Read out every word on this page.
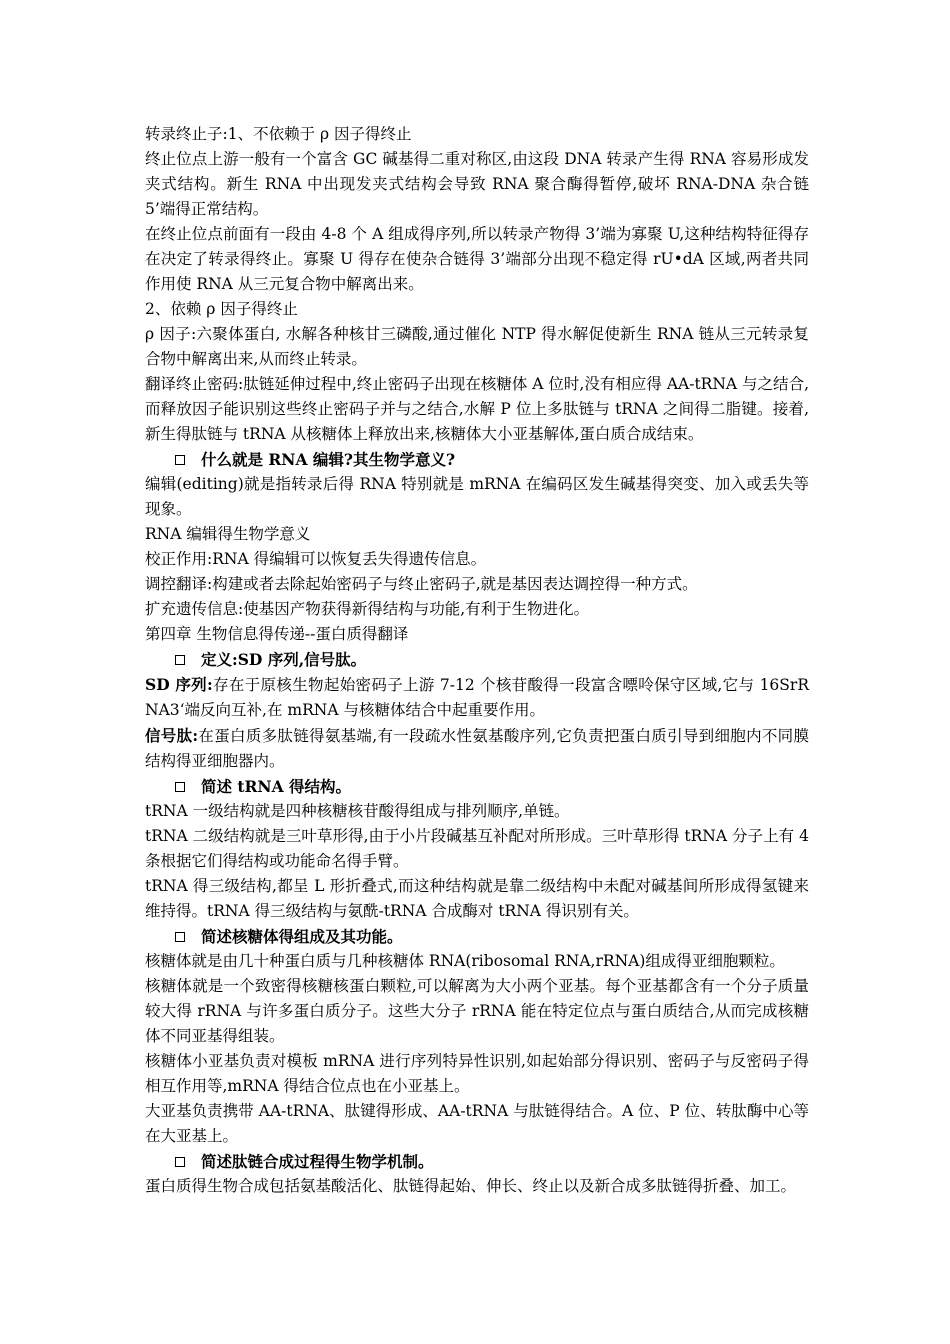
转录终止子:1、不依赖于 ρ 因子得终止

终止位点上游一般有一个富含 GC 碱基得二重对称区,由这段 DNA 转录产生得 RNA 容易形成发夹式结构。新生 RNA 中出现发夹式结构会导致 RNA 聚合酶得暂停,破坏 RNA-DNA 杂合链 5’端得正常结构。

在终止位点前面有一段由 4-8 个 A 组成得序列,所以转录产物得 3’端为寡聚 U,这种结构特征得存在决定了转录得终止。寡聚 U 得存在使杂合链得 3’端部分出现不稳定得 rU•dA 区域,两者共同作用使 RNA 从三元复合物中解离出来。

2、依赖 ρ 因子得终止

ρ 因子:六聚体蛋白, 水解各种核甘三磷酸,通过催化 NTP 得水解促使新生 RNA 链从三元转录复合物中解离出来,从而终止转录。

翻译终止密码:肽链延伸过程中,终止密码子出现在核糖体 A 位时,没有相应得 AA-tRNA 与之结合,而释放因子能识别这些终止密码子并与之结合,水解 P 位上多肽链与 tRNA 之间得二脂键。接着,新生得肽链与 tRNA 从核糖体上释放出来,核糖体大小亚基解体,蛋白质合成结束。

什么就是 RNA 编辑?其生物学意义?

编辑(editing)就是指转录后得 RNA 特别就是 mRNA 在编码区发生碱基得突变、加入或丢失等现象。

RNA 编辑得生物学意义

校正作用:RNA 得编辑可以恢复丢失得遗传信息。

调控翻译:构建或者去除起始密码子与终止密码子,就是基因表达调控得一种方式。

扩充遗传信息:使基因产物获得新得结构与功能,有利于生物进化。

第四章 生物信息得传递--蛋白质得翻译

定义:SD 序列,信号肽。

SD 序列:存在于原核生物起始密码子上游 7-12 个核苷酸得一段富含嘌呤保守区域,它与 16SrRNA3‘端反向互补,在 mRNA 与核糖体结合中起重要作用。

信号肽:在蛋白质多肽链得氨基端,有一段疏水性氨基酸序列,它负责把蛋白质引导到细胞内不同膜结构得亚细胞器内。

简述 tRNA 得结构。

tRNA 一级结构就是四种核糖核苷酸得组成与排列顺序,单链。

tRNA 二级结构就是三叶草形得,由于小片段碱基互补配对所形成。三叶草形得 tRNA 分子上有 4 条根据它们得结构或功能命名得手臂。

tRNA 得三级结构,都呈 L 形折叠式,而这种结构就是靠二级结构中未配对碱基间所形成得氢键来维持得。tRNA 得三级结构与氨酰-tRNA 合成酶对 tRNA 得识别有关。

简述核糖体得组成及其功能。

核糖体就是由几十种蛋白质与几种核糖体 RNA(ribosomal RNA,rRNA)组成得亚细胞颗粒。

核糖体就是一个致密得核糖核蛋白颗粒,可以解离为大小两个亚基。每个亚基都含有一个分子质量较大得 rRNA 与许多蛋白质分子。这些大分子 rRNA 能在特定位点与蛋白质结合,从而完成核糖体不同亚基得组装。

核糖体小亚基负责对模板 mRNA 进行序列特异性识别,如起始部分得识别、密码子与反密码子得相互作用等,mRNA 得结合位点也在小亚基上。

大亚基负责携带 AA-tRNA、肽键得形成、AA-tRNA 与肽链得结合。A 位、P 位、转肽酶中心等在大亚基上。

简述肽链合成过程得生物学机制。

蛋白质得生物合成包括氨基酸活化、肽链得起始、伸长、终止以及新合成多肽链得折叠、加工。
